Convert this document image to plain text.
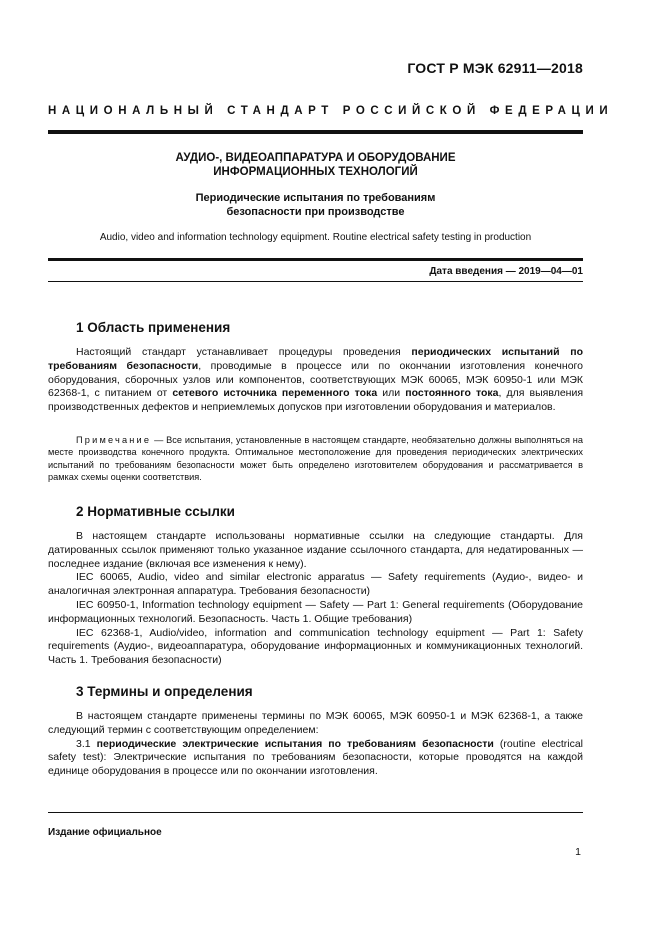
ГОСТ Р МЭК 62911—2018
НАЦИОНАЛЬНЫЙ СТАНДАРТ РОССИЙСКОЙ ФЕДЕРАЦИИ
АУДИО-, ВИДЕОАППАРАТУРА И ОБОРУДОВАНИЕ
ИНФОРМАЦИОННЫХ ТЕХНОЛОГИЙ
Периодические испытания по требованиям
безопасности при производстве
Audio, video and information technology equipment. Routine electrical safety testing in production
Дата введения — 2019—04—01
1 Область применения

Настоящий стандарт устанавливает процедуры проведения периодических испытаний по требованиям безопасности, проводимые в процессе или по окончании изготовления конечного оборудования, сборочных узлов или компонентов, соответствующих МЭК 60065, МЭК 60950-1 или МЭК 62368-1, с питанием от сетевого источника переменного тока или постоянного тока, для выявления производственных дефектов и неприемлемых допусков при изготовлении оборудования и материалов.

Примечание — Все испытания, установленные в настоящем стандарте, необязательно должны выполняться на месте производства конечного продукта. Оптимальное местоположение для проведения периодических электрических испытаний по требованиям безопасности может быть определено изготовителем оборудования и рассматривается в рамках схемы оценки соответствия.

2 Нормативные ссылки

В настоящем стандарте использованы нормативные ссылки на следующие стандарты. Для датированных ссылок применяют только указанное издание ссылочного стандарта, для недатированных — последнее издание (включая все изменения к нему).

IEC 60065, Audio, video and similar electronic apparatus — Safety requirements (Аудио-, видео- и аналогичная электронная аппаратура. Требования безопасности)

IEC 60950-1, Information technology equipment — Safety — Part 1: General requirements (Оборудование информационных технологий. Безопасность. Часть 1. Общие требования)

IEC 62368-1, Audio/video, information and communication technology equipment — Part 1: Safety requirements (Аудио-, видеоаппаратура, оборудование информационных и коммуникационных технологий. Часть 1. Требования безопасности)

3 Термины и определения

В настоящем стандарте применены термины по МЭК 60065, МЭК 60950-1 и МЭК 62368-1, а также следующий термин с соответствующим определением:

3.1 периодические электрические испытания по требованиям безопасности (routine electrical safety test): Электрические испытания по требованиям безопасности, которые проводятся на каждой единице оборудования в процессе или по окончании изготовления.

Издание официальное
1
